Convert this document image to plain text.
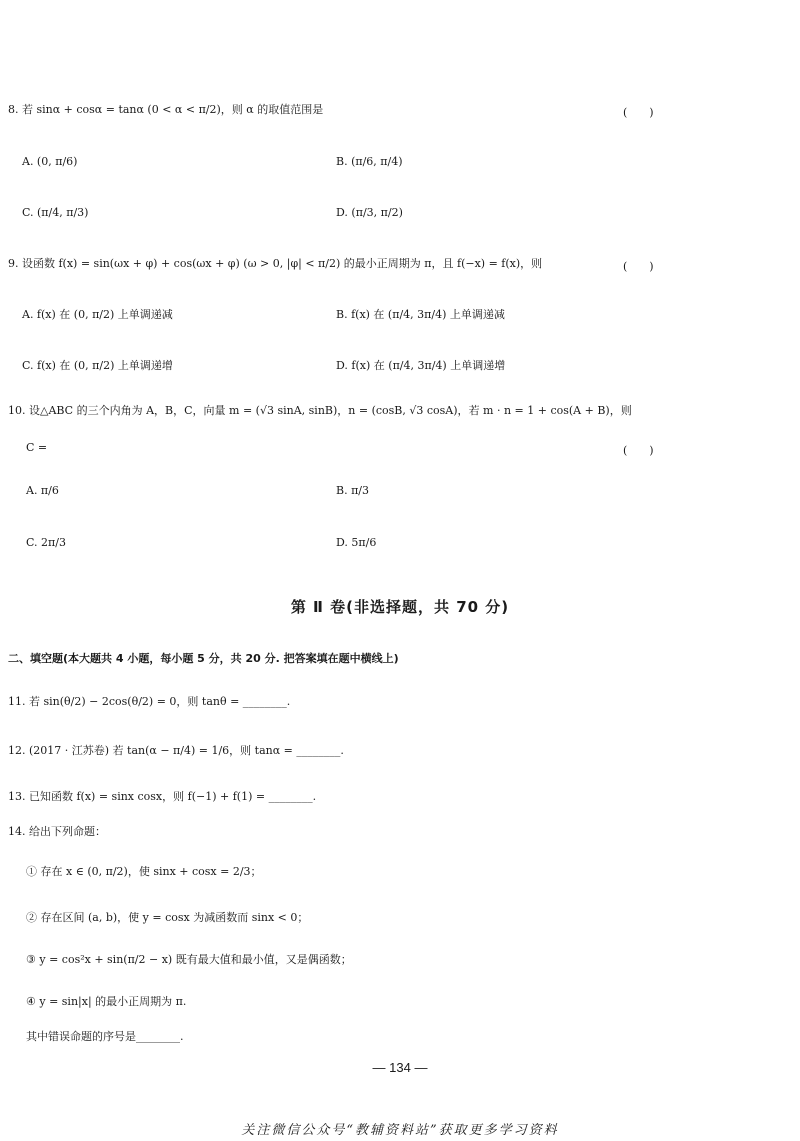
8. 若 sinα + cosα = tanα (0 < α < π/2)，则 α 的取值范围是	(　　)
A. (0, π/6)	B. (π/6, π/4)
C. (π/4, π/3)	D. (π/3, π/2)
9. 设函数 f(x) = sin(ωx + φ) + cos(ωx + φ) (ω > 0, |φ| < π/2) 的最小正周期为 π，且 f(−x) = f(x)，则	(　　)
A. f(x) 在 (0, π/2) 上单调递减	B. f(x) 在 (π/4, 3π/4) 上单调递减
C. f(x) 在 (0, π/2) 上单调递增	D. f(x) 在 (π/4, 3π/4) 上单调递增
10. 设△ABC 的三个内角为 A，B，C，向量 m = (√3 sinA, sinB)，n = (cosB, √3 cosA)，若 m · n = 1 + cos(A + B)，则
C =	(　　)
A. π/6	B. π/3
C. 2π/3	D. 5π/6
第 Ⅱ 卷(非选择题，共 70 分)
二、填空题(本大题共 4 小题，每小题 5 分，共 20 分. 把答案填在题中横线上)
11. 若 sin(θ/2) − 2cos(θ/2) = 0，则 tanθ = ________.
12. (2017 · 江苏卷) 若 tan(α − π/4) = 1/6，则 tanα = ________.
13. 已知函数 f(x) = sinx cosx，则 f(−1) + f(1) = ________.
14. 给出下列命题：
① 存在 x ∈ (0, π/2)，使 sinx + cosx = 2/3；
② 存在区间 (a, b)，使 y = cosx 为减函数而 sinx < 0；
③ y = cos²x + sin(π/2 − x) 既有最大值和最小值，又是偶函数；
④ y = sin|x| 的最小正周期为 π.
其中错误命题的序号是________.
— 134 —
关注微信公众号“教辅资料站”获取更多学习资料
